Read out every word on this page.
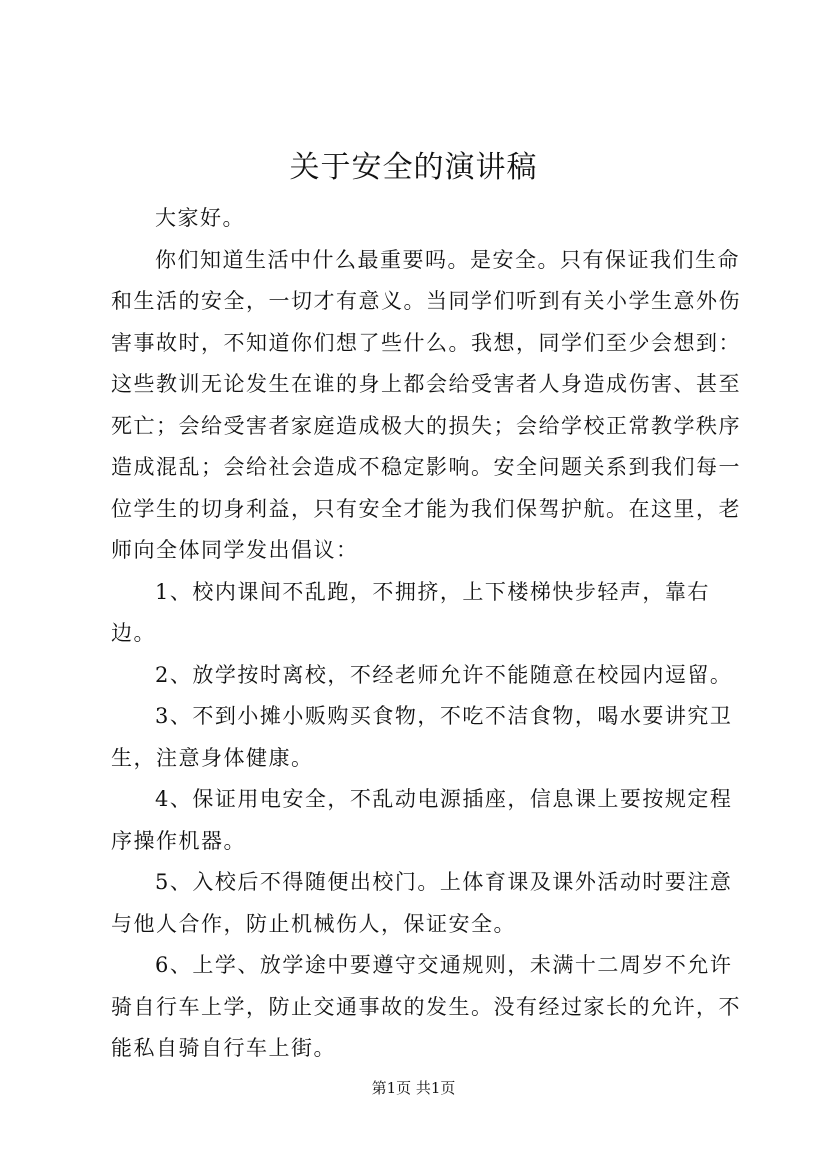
关于安全的演讲稿

大家好。

你们知道生活中什么最重要吗。是安全。只有保证我们生命和生活的安全，一切才有意义。当同学们听到有关小学生意外伤害事故时，不知道你们想了些什么。我想，同学们至少会想到：这些教训无论发生在谁的身上都会给受害者人身造成伤害、甚至死亡；会给受害者家庭造成极大的损失；会给学校正常教学秩序造成混乱；会给社会造成不稳定影响。安全问题关系到我们每一位学生的切身利益，只有安全才能为我们保驾护航。在这里，老师向全体同学发出倡议：

1、校内课间不乱跑，不拥挤，上下楼梯快步轻声，靠右边。

2、放学按时离校，不经老师允许不能随意在校园内逗留。

3、不到小摊小贩购买食物，不吃不洁食物，喝水要讲究卫生，注意身体健康。

4、保证用电安全，不乱动电源插座，信息课上要按规定程序操作机器。

5、入校后不得随便出校门。上体育课及课外活动时要注意与他人合作，防止机械伤人，保证安全。

6、上学、放学途中要遵守交通规则，未满十二周岁不允许骑自行车上学，防止交通事故的发生。没有经过家长的允许，不能私自骑自行车上街。

第1页 共1页
